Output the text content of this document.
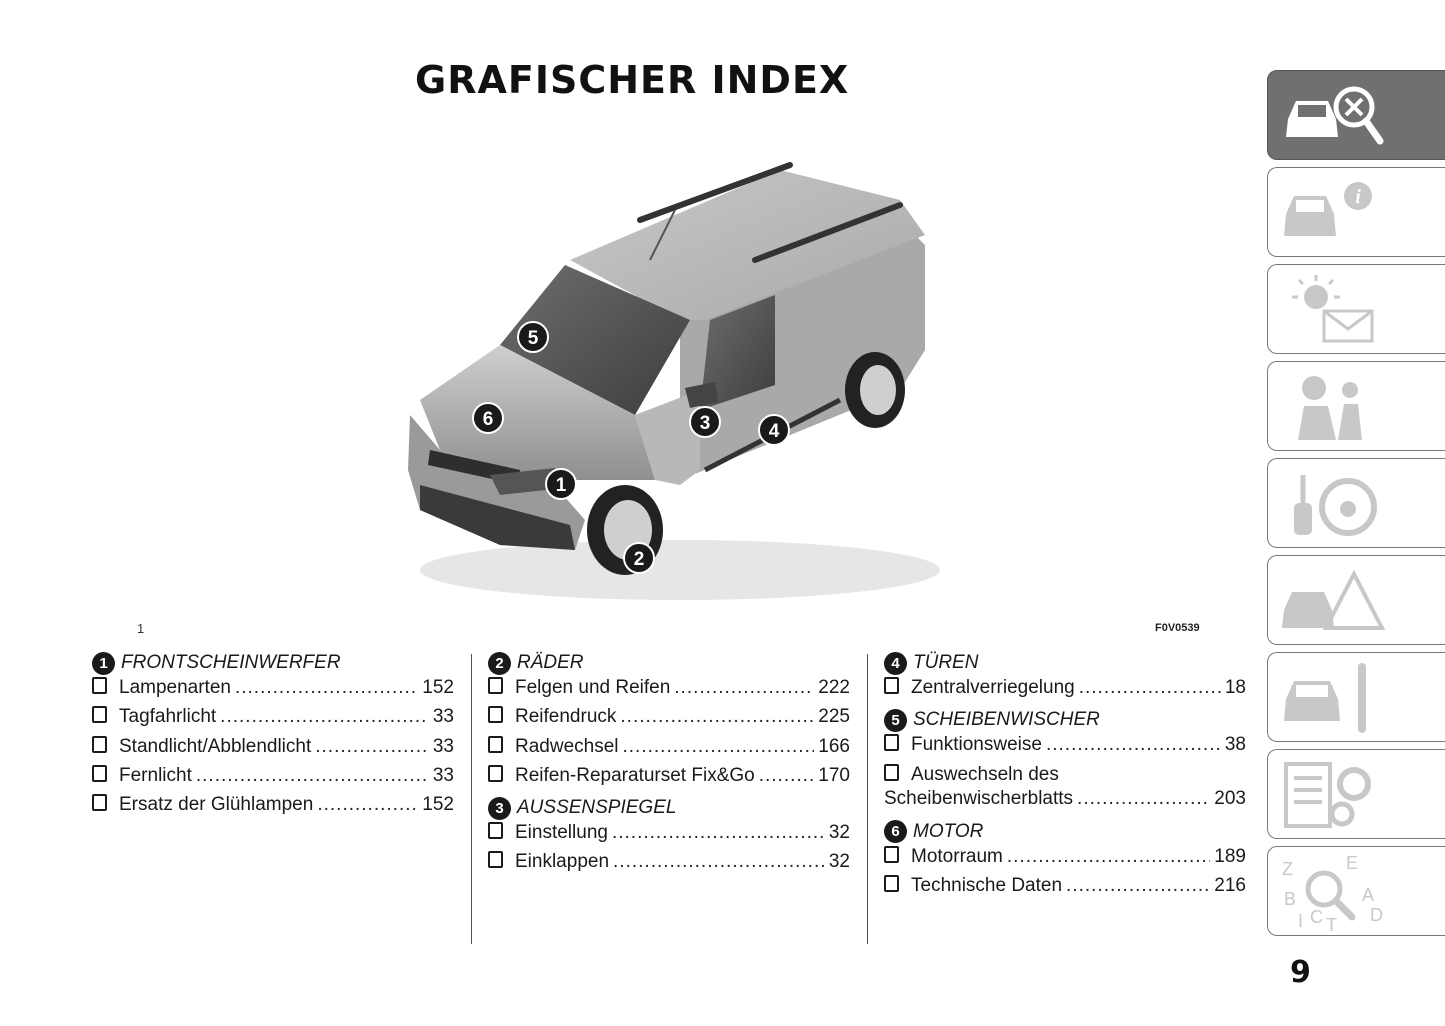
GRAFISCHER INDEX
1
2
3	4
5
6
1	F0V0539
1 FRONTSCHEINWERFER
Lampenarten .....	152
Tagfahrlicht .....	33
Standlicht/Abblendlicht .....	33
Fernlicht .....	33
Ersatz der Glühlampen .....	152
2 RÄDER
Felgen und Reifen .....	222
Reifendruck .....	225
Radwechsel .....	166
Reifen-Reparaturset Fix&Go .....	170
3 AUSSENSPIEGEL
Einstellung .....	32
Einklappen .....	32
4 TÜREN
Zentralverriegelung .....	18
5 SCHEIBENWISCHER
Funktionsweise .....	38
Auswechseln des
Scheibenwischerblatts .....	203
6 MOTOR
Motorraum .....	189
Technische Daten .....	216
i
Z	E
B	A
I C T D
9
